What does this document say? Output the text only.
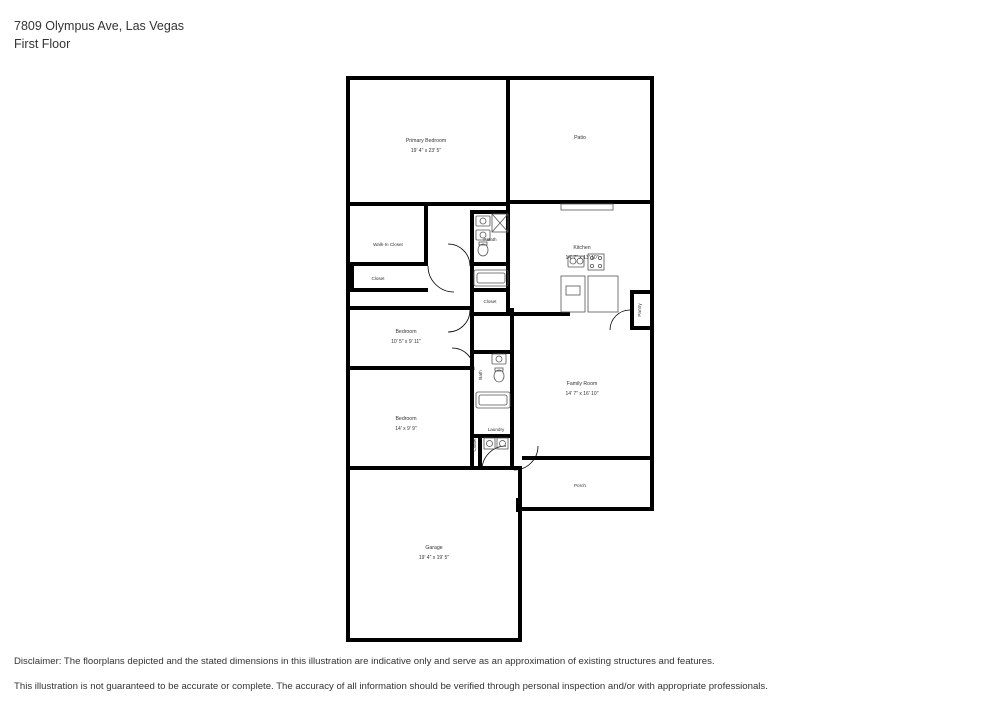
7809 Olympus Ave, Las Vegas
First Floor
Primary Bedroom
19' 4" x 23' 5"
Patio
Walk-In Closet
Closet
P.Bath
Kitchen
14' 7" x 13' 10"
Pantry
Closet
Bedroom
10' 5" x 9' 11"
Bath
Family Room
14' 7" x 16' 10"
Bedroom
14' x 9' 9"
Closet
Laundry
Porch
Garage
19' 4" x 19' 5"

Disclaimer: The floorplans depicted and the stated dimensions in this illustration are indicative only and serve as an approximation of existing structures and features.

This illustration is not guaranteed to be accurate or complete. The accuracy of all information should be verified through personal inspection and/or with appropriate professionals.
